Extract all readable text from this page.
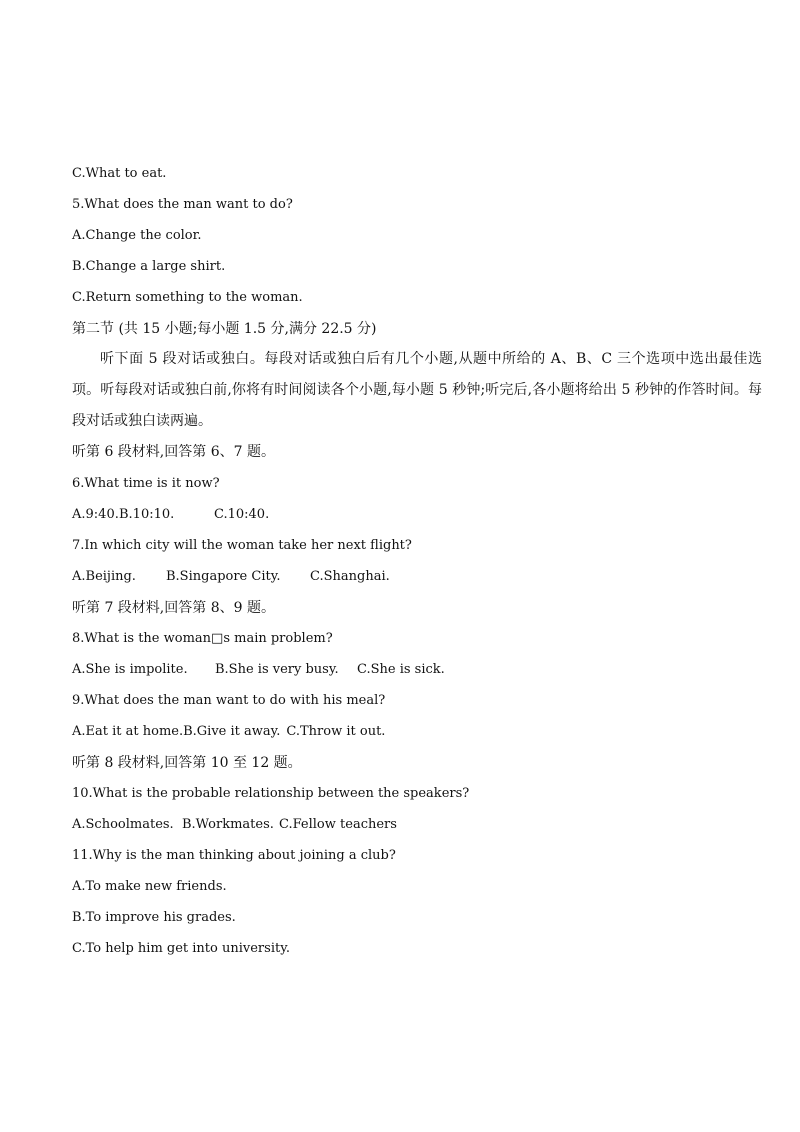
C.What to eat.
5.What does the man want to do?
A.Change the color.
B.Change a large shirt.
C.Return something to the woman.
第二节 (共 15 小题;每小题 1.5 分,满分 22.5 分)
听下面 5 段对话或独白。每段对话或独白后有几个小题,从题中所给的 A、B、C 三个选项中选出最佳选项。听每段对话或独白前,你将有时间阅读各个小题,每小题 5 秒钟;听完后,各小题将给出 5 秒钟的作答时间。每段对话或独白读两遍。
听第 6 段材料,回答第 6、7 题。
6.What time is it now?
A.9:40.B.10:10.	C.10:40.
7.In which city will the woman take her next flight?
A.Beijing. B.Singapore City. C.Shanghai.
听第 7 段材料,回答第 8、9 题。
8.What is the woman□s main problem?
A.She is impolite. B.She is very busy. C.She is sick.
9.What does the man want to do with his meal?
A.Eat it at home.B.Give it away. C.Throw it out.
听第 8 段材料,回答第 10 至 12 题。
10.What is the probable relationship between the speakers?
A.Schoolmates. B.Workmates. C.Fellow teachers
11.Why is the man thinking about joining a club?
A.To make new friends.
B.To improve his grades.
C.To help him get into university.
